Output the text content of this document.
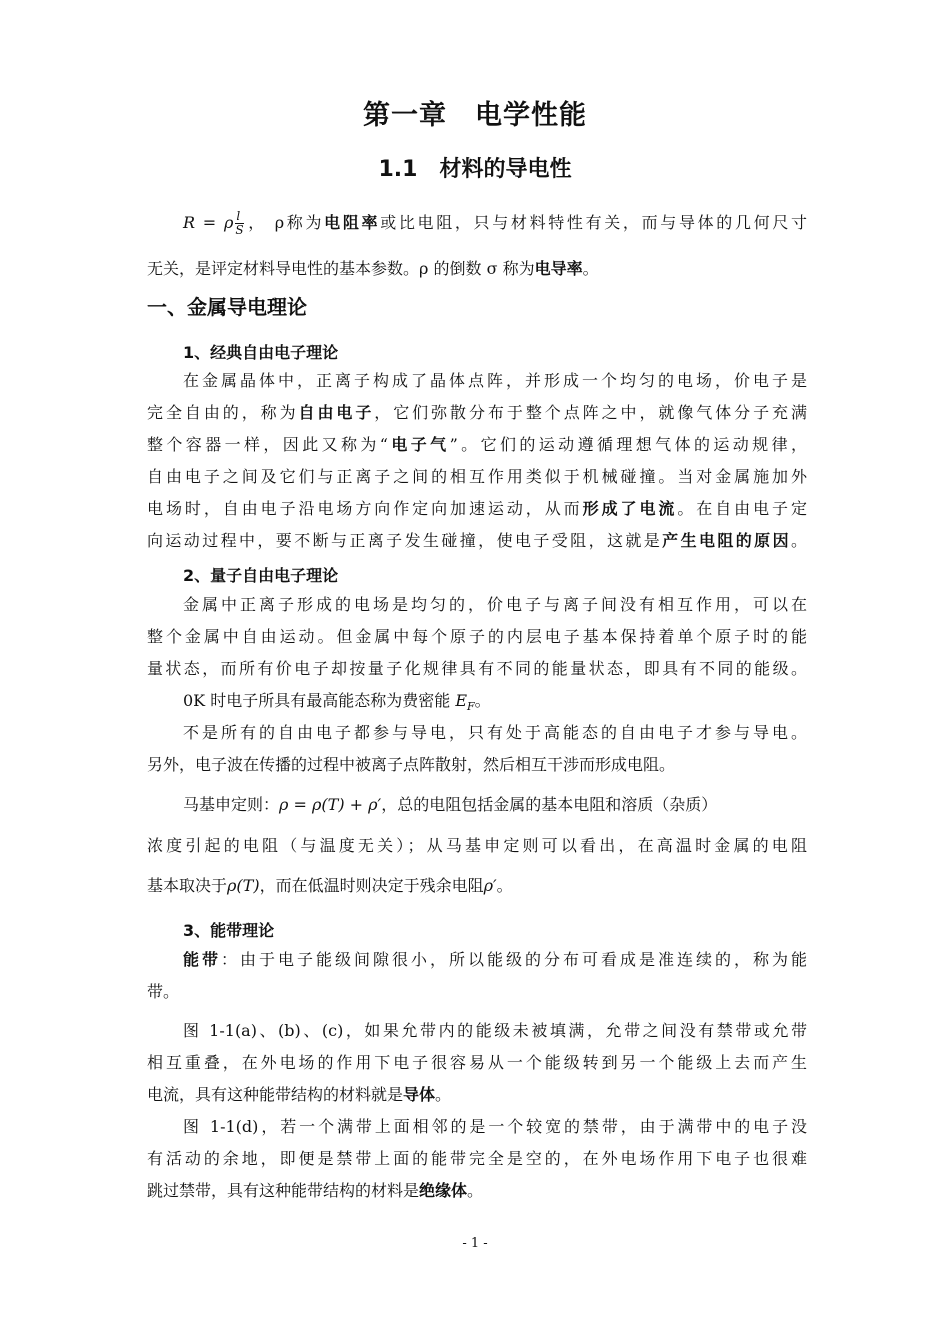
第一章　电学性能
1.1　材料的导电性
R = ρ $\frac{l}{S}$ ， ρ称为电阻率或比电阻，只与材料特性有关，而与导体的几何尺寸
无关，是评定材料导电性的基本参数。ρ 的倒数 σ 称为电导率。
一、金属导电理论
1、经典自由电子理论
在金属晶体中，正离子构成了晶体点阵，并形成一个均匀的电场，价电子是
完全自由的，称为自由电子，它们弥散分布于整个点阵之中，就像气体分子充满
整个容器一样，因此又称为“电子气”。它们的运动遵循理想气体的运动规律，
自由电子之间及它们与正离子之间的相互作用类似于机械碰撞。当对金属施加外
电场时，自由电子沿电场方向作定向加速运动，从而形成了电流。在自由电子定
向运动过程中，要不断与正离子发生碰撞，使电子受阻，这就是产生电阻的原因。
2、量子自由电子理论
金属中正离子形成的电场是均匀的，价电子与离子间没有相互作用，可以在
整个金属中自由运动。但金属中每个原子的内层电子基本保持着单个原子时的能
量状态，而所有价电子却按量子化规律具有不同的能量状态，即具有不同的能级。
0K 时电子所具有最高能态称为费密能 $E_F$。
不是所有的自由电子都参与导电，只有处于高能态的自由电子才参与导电。
另外，电子波在传播的过程中被离子点阵散射，然后相互干涉而形成电阻。
马基申定则：ρ = ρ(T) + ρ′，总的电阻包括金属的基本电阻和溶质（杂质）
浓度引起的电阻（与温度无关）；从马基申定则可以看出，在高温时金属的电阻
基本取决于ρ(T)，而在低温时则决定于残余电阻ρ′。
3、能带理论
能带：由于电子能级间隙很小，所以能级的分布可看成是准连续的，称为能
带。
图 1-1(a)、(b)、(c)，如果允带内的能级未被填满，允带之间没有禁带或允带
相互重叠，在外电场的作用下电子很容易从一个能级转到另一个能级上去而产生
电流，具有这种能带结构的材料就是导体。
图 1-1(d)，若一个满带上面相邻的是一个较宽的禁带，由于满带中的电子没
有活动的余地，即便是禁带上面的能带完全是空的，在外电场作用下电子也很难
跳过禁带，具有这种能带结构的材料是绝缘体。
- 1 -
